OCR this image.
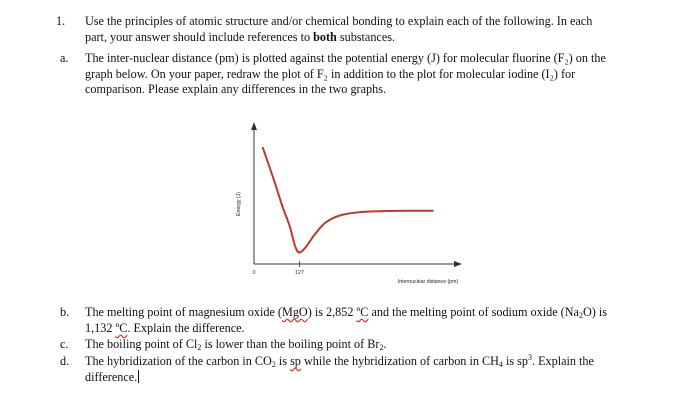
1. Use the principles of atomic structure and/or chemical bonding to explain each of the following. In each
part, your answer should include references to both substances.
a. The inter-nuclear distance (pm) is plotted against the potential energy (J) for molecular fluorine (F₂) on the
graph below. On your paper, redraw the plot of F₂ in addition to the plot for molecular iodine (I₂) for
comparison. Please explain any differences in the two graphs.
Energy (J)
Internuclear distance (pm)
0	127
b. The melting point of magnesium oxide (MgO) is 2,852 ºC and the melting point of sodium oxide $(Na_2O)$ is
1,132 ºC. Explain the difference.
c. The boiling point of $Cl_2$ is lower than the boiling point of $Br_2$.
d. The hybridization of the carbon in $CO_2$ is sp while the hybridization of carbon in $CH_4$ is $sp^3$. Explain the
difference.
